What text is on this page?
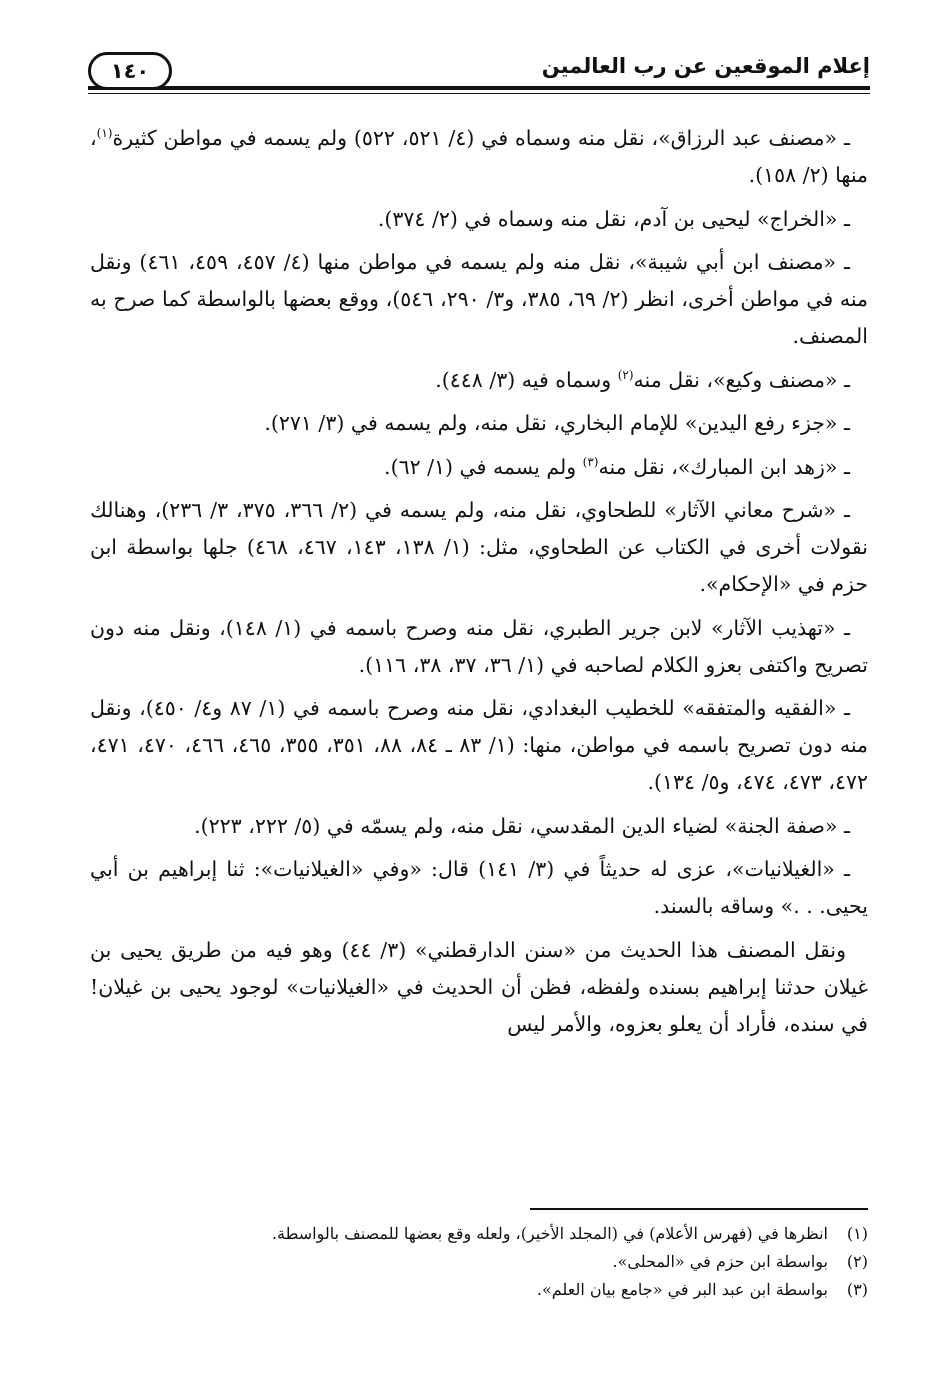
١٤٠	إعلام الموقعين عن رب العالمين

ـ «مصنف عبد الرزاق»، نقل منه وسماه في (٤/ ٥٢١، ٥٢٢) ولم يسمه في مواطن كثيرة$^{(١)}$، منها (٢/ ١٥٨).

ـ «الخراج» ليحيى بن آدم، نقل منه وسماه في (٢/ ٣٧٤).

ـ «مصنف ابن أبي شيبة»، نقل منه ولم يسمه في مواطن منها (٤/ ٤٥٧، ٤٥٩، ٤٦١) ونقل منه في مواطن أخرى، انظر (٢/ ٦٩، ٣٨٥، و٣/ ٢٩٠، ٥٤٦)، ووقع بعضها بالواسطة كما صرح به المصنف.

ـ «مصنف وكيع»، نقل منه$^{(٢)}$ وسماه فيه (٣/ ٤٤٨).

ـ «جزء رفع اليدين» للإمام البخاري، نقل منه، ولم يسمه في (٣/ ٢٧١).

ـ «زهد ابن المبارك»، نقل منه$^{(٣)}$ ولم يسمه في (١/ ٦٢).

ـ «شرح معاني الآثار» للطحاوي، نقل منه، ولم يسمه في (٢/ ٣٦٦، ٣٧٥، ٣/ ٢٣٦)، وهنالك نقولات أخرى في الكتاب عن الطحاوي، مثل: (١/ ١٣٨، ١٤٣، ٤٦٧، ٤٦٨) جلها بواسطة ابن حزم في «الإحكام».

ـ «تهذيب الآثار» لابن جرير الطبري، نقل منه وصرح باسمه في (١/ ١٤٨)، ونقل منه دون تصريح واكتفى بعزو الكلام لصاحبه في (١/ ٣٦، ٣٧، ٣٨، ١١٦).

ـ «الفقيه والمتفقه» للخطيب البغدادي، نقل منه وصرح باسمه في (١/ ٨٧ و٤/ ٤٥٠)، ونقل منه دون تصريح باسمه في مواطن، منها: (١/ ٨٣ ـ ٨٤، ٨٨، ٣٥١، ٣٥٥، ٤٦٥، ٤٦٦، ٤٧٠، ٤٧١، ٤٧٢، ٤٧٣، ٤٧٤، و٥/ ١٣٤).

ـ «صفة الجنة» لضياء الدين المقدسي، نقل منه، ولم يسمّه في (٥/ ٢٢٢، ٢٢٣).

ـ «الغيلانيات»، عزى له حديثاً في (٣/ ١٤١) قال: «وفي «الغيلانيات»: ثنا إبراهيم بن أبي يحيى. . .» وساقه بالسند.

ونقل المصنف هذا الحديث من «سنن الدارقطني» (٣/ ٤٤) وهو فيه من طريق يحيى بن غيلان حدثنا إبراهيم بسنده ولفظه، فظن أن الحديث في «الغيلانيات» لوجود يحيى بن غيلان! في سنده، فأراد أن يعلو بعزوه، والأمر ليس

(١)
انظرها في (فهرس الأعلام) في (المجلد الأخير)، ولعله وقع بعضها للمصنف بالواسطة.
(٢)
بواسطة ابن حزم في «المحلى».
(٣)
بواسطة ابن عبد البر في «جامع بيان العلم».
